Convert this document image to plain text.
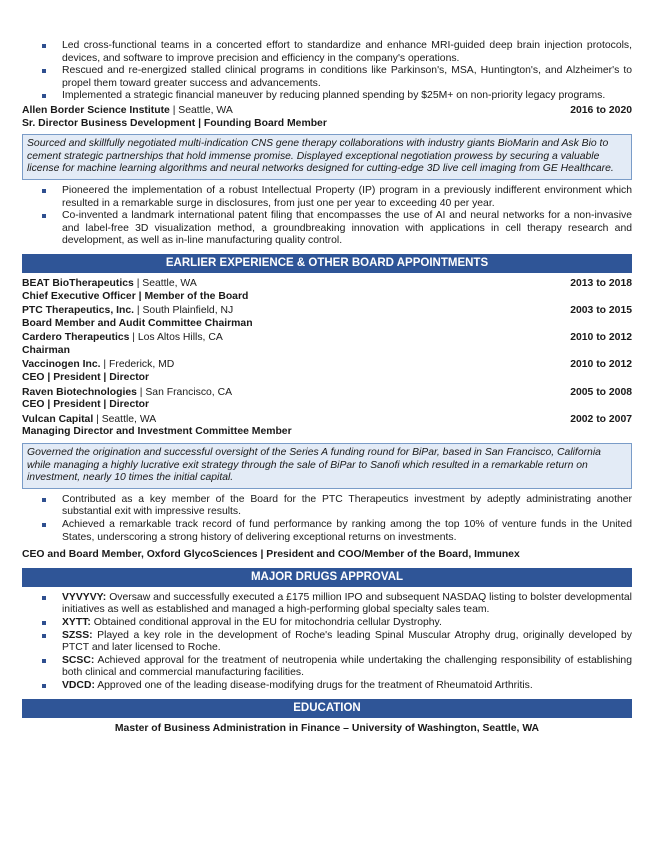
Led cross-functional teams in a concerted effort to standardize and enhance MRI-guided deep brain injection protocols, devices, and software to improve precision and efficiency in the company's operations.
Rescued and re-energized stalled clinical programs in conditions like Parkinson's, MSA, Huntington's, and Alzheimer's to propel them toward greater success and advancements.
Implemented a strategic financial maneuver by reducing planned spending by $25M+ on non-priority legacy programs.
Allen Border Science Institute | Seattle, WA	2016 to 2020
Sr. Director Business Development | Founding Board Member
Sourced and skillfully negotiated multi-indication CNS gene therapy collaborations with industry giants BioMarin and Ask Bio to cement strategic partnerships that hold immense promise. Displayed exceptional negotiation prowess by securing a valuable license for machine learning algorithms and neural networks designed for cutting-edge 3D live cell imaging from GE Healthcare.
Pioneered the implementation of a robust Intellectual Property (IP) program in a previously indifferent environment which resulted in a remarkable surge in disclosures, from just one per year to exceeding 40 per year.
Co-invented a landmark international patent filing that encompasses the use of AI and neural networks for a non-invasive and label-free 3D visualization method, a groundbreaking innovation with applications in cell therapy research and development, as well as in-line manufacturing quality control.
EARLIER EXPERIENCE & OTHER BOARD APPOINTMENTS
BEAT BioTherapeutics | Seattle, WA	2013 to 2018
Chief Executive Officer | Member of the Board
PTC Therapeutics, Inc. | South Plainfield, NJ	2003 to 2015
Board Member and Audit Committee Chairman
Cardero Therapeutics | Los Altos Hills, CA	2010 to 2012
Chairman
Vaccinogen Inc. | Frederick, MD	2010 to 2012
CEO | President | Director
Raven Biotechnologies | San Francisco, CA	2005 to 2008
CEO | President | Director
Vulcan Capital | Seattle, WA	2002 to 2007
Managing Director and Investment Committee Member
Governed the origination and successful oversight of the Series A funding round for BiPar, based in San Francisco, California while managing a highly lucrative exit strategy through the sale of BiPar to Sanofi which resulted in a remarkable return on investment, nearly 10 times the initial capital.
Contributed as a key member of the Board for the PTC Therapeutics investment by adeptly administrating another substantial exit with impressive results.
Achieved a remarkable track record of fund performance by ranking among the top 10% of venture funds in the United States, underscoring a strong history of delivering exceptional returns on investments.
CEO and Board Member, Oxford GlycoSciences | President and COO/Member of the Board, Immunex
MAJOR DRUGS APPROVAL
VYVYVY: Oversaw and successfully executed a £175 million IPO and subsequent NASDAQ listing to bolster developmental initiatives as well as established and managed a high-performing global specialty sales team.
XYTT: Obtained conditional approval in the EU for mitochondria cellular Dystrophy.
SZSS: Played a key role in the development of Roche's leading Spinal Muscular Atrophy drug, originally developed by PTCT and later licensed to Roche.
SCSC: Achieved approval for the treatment of neutropenia while undertaking the challenging responsibility of establishing both clinical and commercial manufacturing facilities.
VDCD: Approved one of the leading disease-modifying drugs for the treatment of Rheumatoid Arthritis.
EDUCATION
Master of Business Administration in Finance – University of Washington, Seattle, WA
